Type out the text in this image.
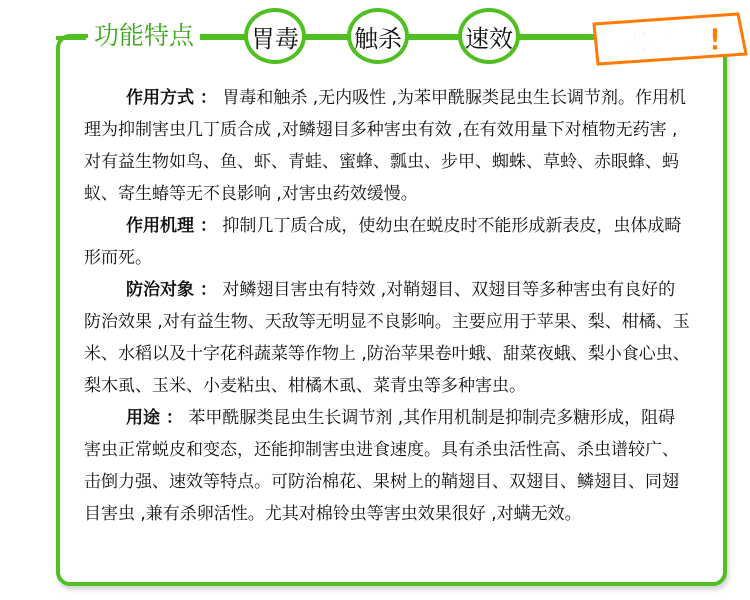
功能特点 胃毒 触杀	速效	卖疯了!

作用方式 ： 胃毒和触杀 ,无内吸性 ,为苯甲酰脲类昆虫生长调节剂。作用机理为抑制害虫几丁质合成 ,对鳞翅目多种害虫有效 ,在有效用量下对植物无药害 ,对有益生物如鸟、鱼、虾、青蛙、蜜蜂、瓢虫、步甲、蜘蛛、草蛉、赤眼蜂、蚂蚁、寄生蝽等无不良影响 ,对害虫药效缓慢。

作用机理 ： 抑制几丁质合成，使幼虫在蜕皮时不能形成新表皮，虫体成畸形而死。

防治对象 ： 对鳞翅目害虫有特效 ,对鞘翅目、双翅目等多种害虫有良好的防治效果 ,对有益生物、天敌等无明显不良影响。主要应用于苹果、梨、柑橘、玉米、水稻以及十字花科蔬菜等作物上 ,防治苹果卷叶蛾、甜菜夜蛾、梨小食心虫、梨木虱、玉米、小麦粘虫、柑橘木虱、菜青虫等多种害虫。

用途 ： 苯甲酰脲类昆虫生长调节剂 ,其作用机制是抑制壳多糖形成，阻碍害虫正常蜕皮和变态，还能抑制害虫进食速度。具有杀虫活性高、杀虫谱较广、击倒力强、速效等特点。可防治棉花、果树上的鞘翅目、双翅目、鳞翅目、同翅目害虫 ,兼有杀卵活性。尤其对棉铃虫等害虫效果很好 ,对螨无效。
